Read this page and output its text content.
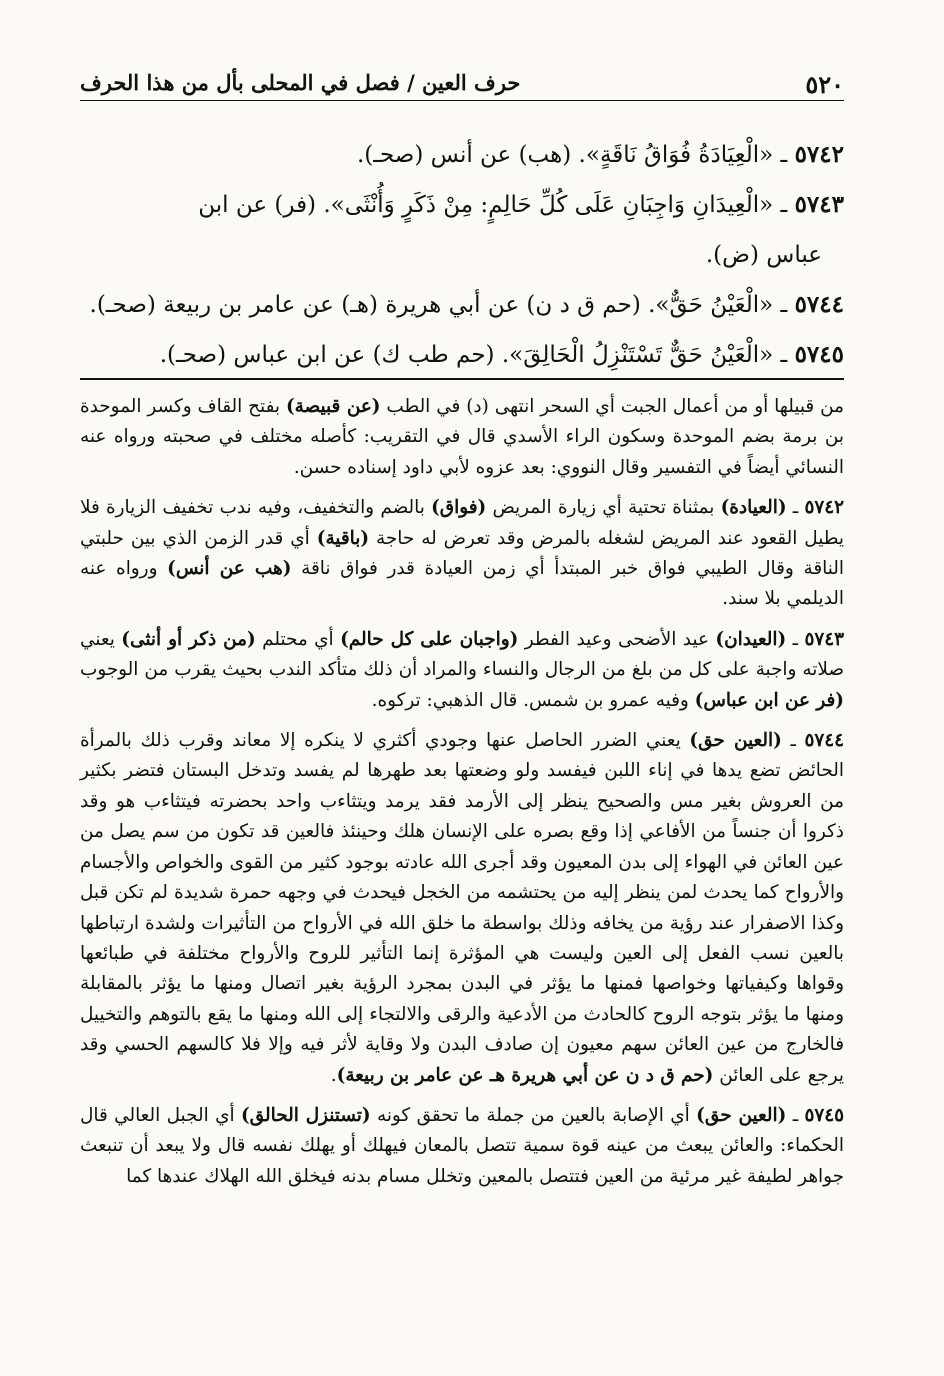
٥٢٠
حرف العين / فصل في المحلى بأل من هذا الحرف
٥٧٤٢ ـ «الْعِيَادَةُ فُوَاقُ نَاقَةٍ». (هب) عن أنس (صحـ).
٥٧٤٣ ـ «الْعِيدَانِ وَاجِبَانِ عَلَى كُلِّ حَالِمٍ: مِنْ ذَكَرٍ وَأُنْثَى». (فر) عن ابن
عباس (ض).
٥٧٤٤ ـ «الْعَيْنُ حَقٌّ». (حم ق د ن) عن أبي هريرة (هـ) عن عامر بن ربيعة (صحـ).
٥٧٤٥ ـ «الْعَيْنُ حَقٌّ تَسْتَنْزِلُ الْحَالِقَ». (حم طب ك) عن ابن عباس (صحـ).

من قبيلها أو من أعمال الجبت أي السحر انتهى (د) في الطب (عن قبيصة) بفتح القاف وكسر الموحدة بن برمة بضم الموحدة وسكون الراء الأسدي قال في التقريب: كأصله مختلف في صحبته ورواه عنه النسائي أيضاً في التفسير وقال النووي: بعد عزوه لأبي داود إسناده حسن.

٥٧٤٢ ـ (العيادة) بمثناة تحتية أي زيارة المريض (فواق) بالضم والتخفيف، وفيه ندب تخفيف الزيارة فلا يطيل القعود عند المريض لشغله بالمرض وقد تعرض له حاجة (باقية) أي قدر الزمن الذي بين حلبتي الناقة وقال الطيبي فواق خبر المبتدأ أي زمن العيادة قدر فواق ناقة (هب عن أنس) ورواه عنه الديلمي بلا سند.

٥٧٤٣ ـ (العيدان) عيد الأضحى وعيد الفطر (واجبان على كل حالم) أي محتلم (من ذكر أو أنثى) يعني صلاته واجبة على كل من بلغ من الرجال والنساء والمراد أن ذلك متأكد الندب بحيث يقرب من الوجوب (فر عن ابن عباس) وفيه عمرو بن شمس. قال الذهبي: تركوه.

٥٧٤٤ ـ (العين حق) يعني الضرر الحاصل عنها وجودي أكثري لا ينكره إلا معاند وقرب ذلك بالمرأة الحائض تضع يدها في إناء اللبن فيفسد ولو وضعتها بعد طهرها لم يفسد وتدخل البستان فتضر بكثير من العروش بغير مس والصحيح ينظر إلى الأرمد فقد يرمد ويتثاءب واحد بحضرته فيتثاءب هو وقد ذكروا أن جنساً من الأفاعي إذا وقع بصره على الإنسان هلك وحينئذ فالعين قد تكون من سم يصل من عين العائن في الهواء إلى بدن المعيون وقد أجرى الله عادته بوجود كثير من القوى والخواص والأجسام والأرواح كما يحدث لمن ينظر إليه من يحتشمه من الخجل فيحدث في وجهه حمرة شديدة لم تكن قبل وكذا الاصفرار عند رؤية من يخافه وذلك بواسطة ما خلق الله في الأرواح من التأثيرات ولشدة ارتباطها بالعين نسب الفعل إلى العين وليست هي المؤثرة إنما التأثير للروح والأرواح مختلفة في طبائعها وقواها وكيفياتها وخواصها فمنها ما يؤثر في البدن بمجرد الرؤية بغير اتصال ومنها ما يؤثر بالمقابلة ومنها ما يؤثر بتوجه الروح كالحادث من الأدعية والرقى والالتجاء إلى الله ومنها ما يقع بالتوهم والتخييل فالخارج من عين العائن سهم معيون إن صادف البدن ولا وقاية لأثر فيه وإلا فلا كالسهم الحسي وقد يرجع على العائن (حم ق د ن عن أبي هريرة هـ عن عامر بن ربيعة).

٥٧٤٥ ـ (العين حق) أي الإصابة بالعين من جملة ما تحقق كونه (تستنزل الحالق) أي الجبل العالي قال الحكماء: والعائن يبعث من عينه قوة سمية تتصل بالمعان فيهلك أو يهلك نفسه قال ولا يبعد أن تنبعث جواهر لطيفة غير مرئية من العين فتتصل بالمعين وتخلل مسام بدنه فيخلق الله الهلاك عندها كما
